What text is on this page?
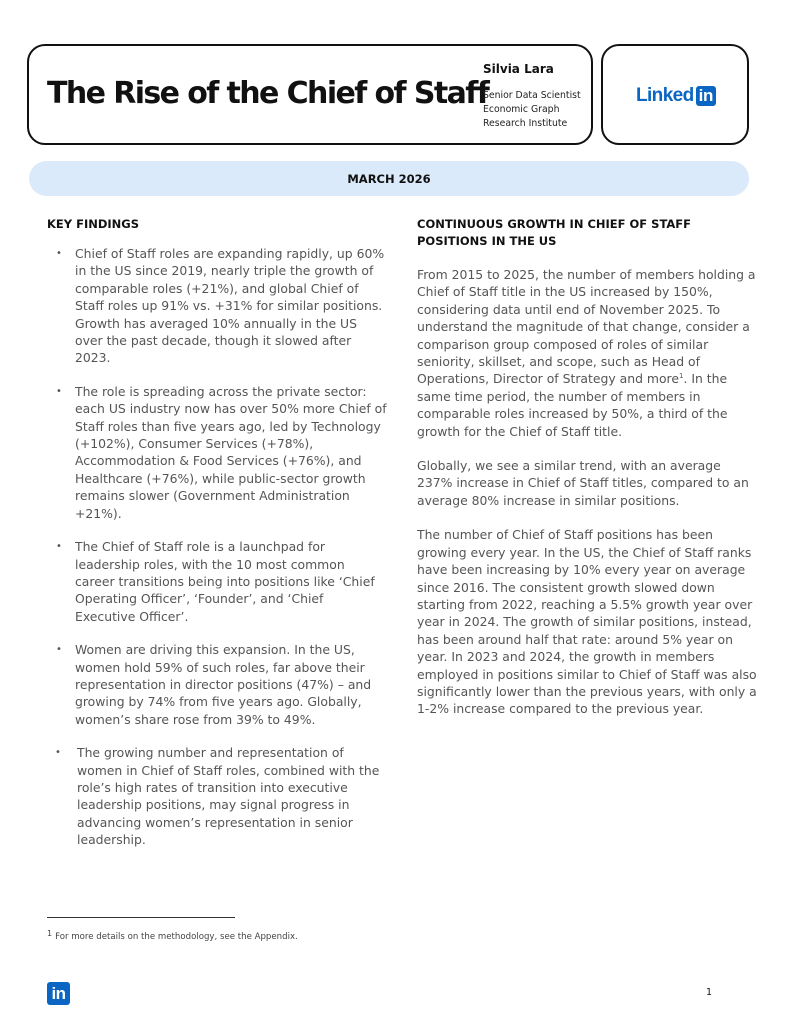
The Rise of the Chief of Staff
Silvia Lara
Senior Data Scientist
Economic Graph
Research Institute
Linked in
MARCH 2026
KEY FINDINGS
• Chief of Staff roles are expanding rapidly, up 60% in the US since 2019, nearly triple the growth of comparable roles (+21%), and global Chief of Staff roles up 91% vs. +31% for similar positions. Growth has averaged 10% annually in the US over the past decade, though it slowed after 2023.
• The role is spreading across the private sector: each US industry now has over 50% more Chief of Staff roles than five years ago, led by Technology (+102%), Consumer Services (+78%), Accommodation & Food Services (+76%), and Healthcare (+76%), while public-sector growth remains slower (Government Administration +21%).
• The Chief of Staff role is a launchpad for leadership roles, with the 10 most common career transitions being into positions like ‘Chief Operating Officer’, ‘Founder’, and ‘Chief Executive Officer’.
• Women are driving this expansion. In the US, women hold 59% of such roles, far above their representation in director positions (47%) – and growing by 74% from five years ago. Globally, women’s share rose from 39% to 49%.
• The growing number and representation of women in Chief of Staff roles, combined with the role’s high rates of transition into executive leadership positions, may signal progress in advancing women’s representation in senior leadership.
CONTINUOUS GROWTH IN CHIEF OF STAFF POSITIONS IN THE US

From 2015 to 2025, the number of members holding a Chief of Staff title in the US increased by 150%, considering data until end of November 2025. To understand the magnitude of that change, consider a comparison group composed of roles of similar seniority, skillset, and scope, such as Head of Operations, Director of Strategy and more$^1$. In the same time period, the number of members in comparable roles increased by 50%, a third of the growth for the Chief of Staff title.

Globally, we see a similar trend, with an average 237% increase in Chief of Staff titles, compared to an average 80% increase in similar positions.

The number of Chief of Staff positions has been growing every year. In the US, the Chief of Staff ranks have been increasing by 10% every year on average since 2016. The consistent growth slowed down starting from 2022, reaching a 5.5% growth year over year in 2024. The growth of similar positions, instead, has been around half that rate: around 5% year on year. In 2023 and 2024, the growth in members employed in positions similar to Chief of Staff was also significantly lower than the previous years, with only a 1-2% increase compared to the previous year.

1 For more details on the methodology, see the Appendix.
in	1
